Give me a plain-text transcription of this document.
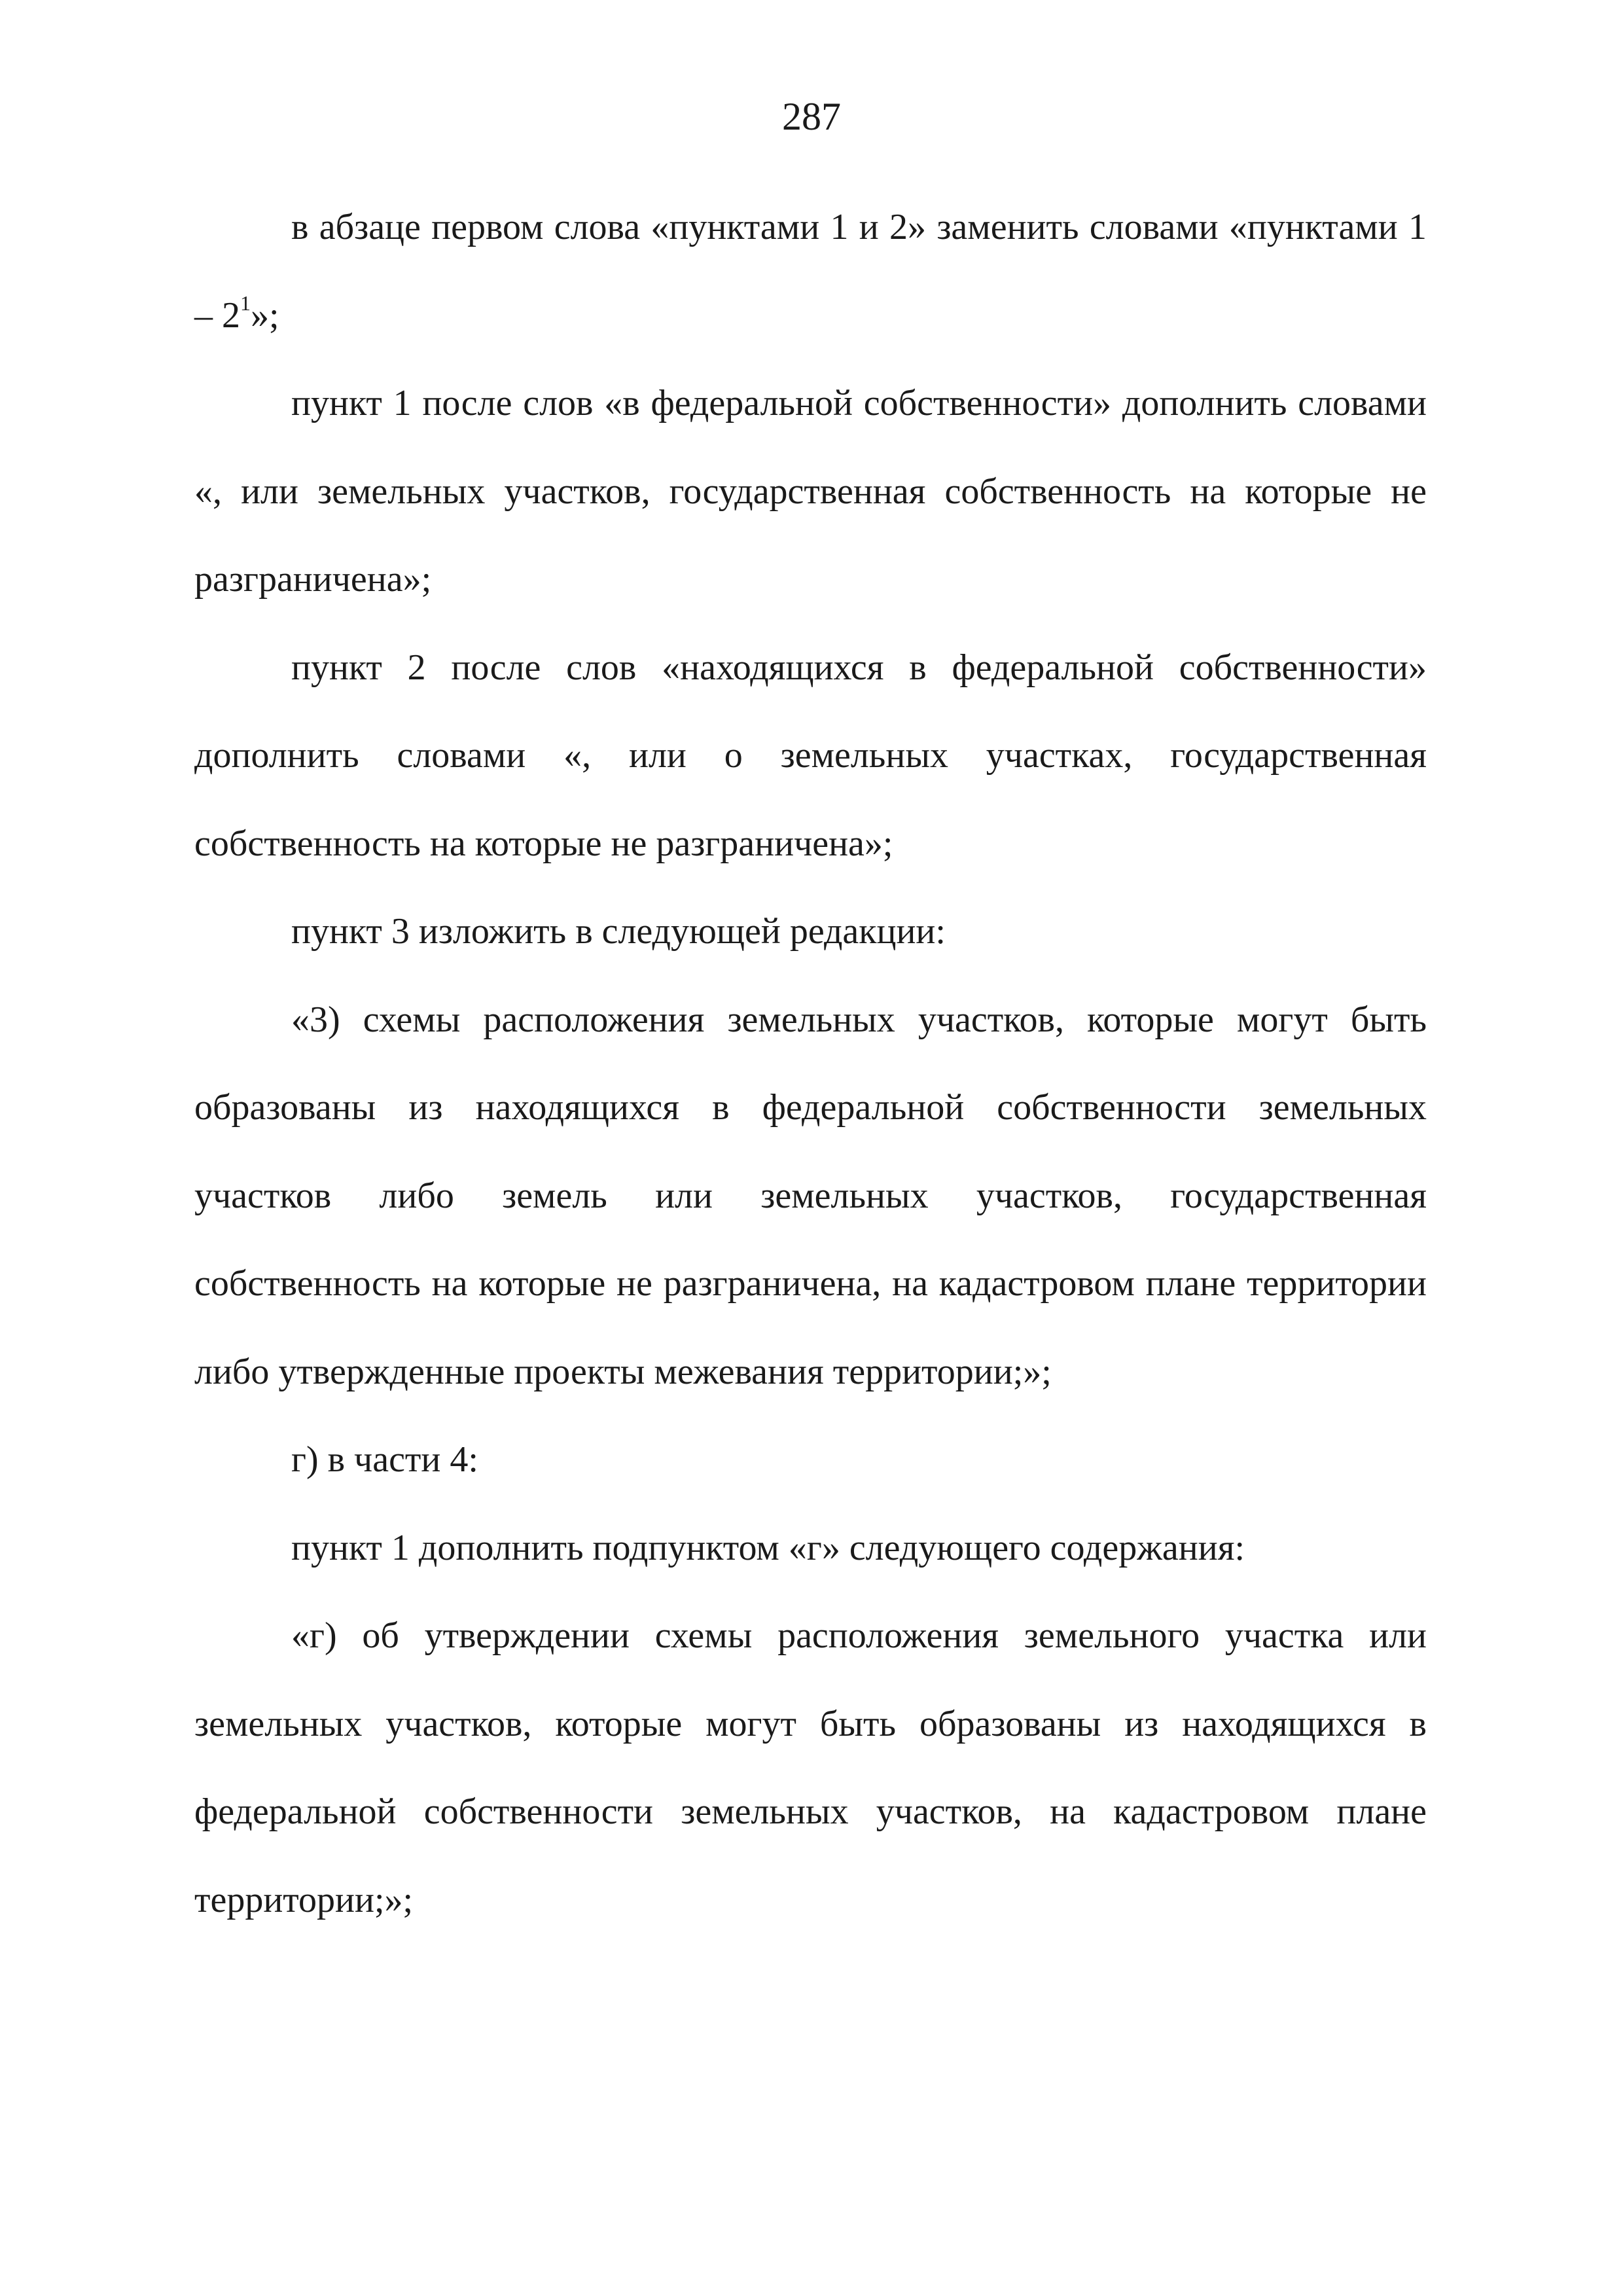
287

в абзаце первом слова «пунктами 1 и 2» заменить словами «пунктами $1 - 2^1$»;

пункт 1 после слов «в федеральной собственности» дополнить словами «, или земельных участков, государственная собственность на которые не разграничена»;

пункт 2 после слов «находящихся в федеральной собственности» дополнить словами «, или о земельных участках, государственная собственность на которые не разграничена»;

пункт 3 изложить в следующей редакции:

«3) схемы расположения земельных участков, которые могут быть образованы из находящихся в федеральной собственности земельных участков либо земель или земельных участков, государственная собственность на которые не разграничена, на кадастровом плане территории либо утвержденные проекты межевания территории;»;

г) в части 4:

пункт 1 дополнить подпунктом «г» следующего содержания:

«г) об утверждении схемы расположения земельного участка или земельных участков, которые могут быть образованы из находящихся в федеральной собственности земельных участков, на кадастровом плане территории;»;
